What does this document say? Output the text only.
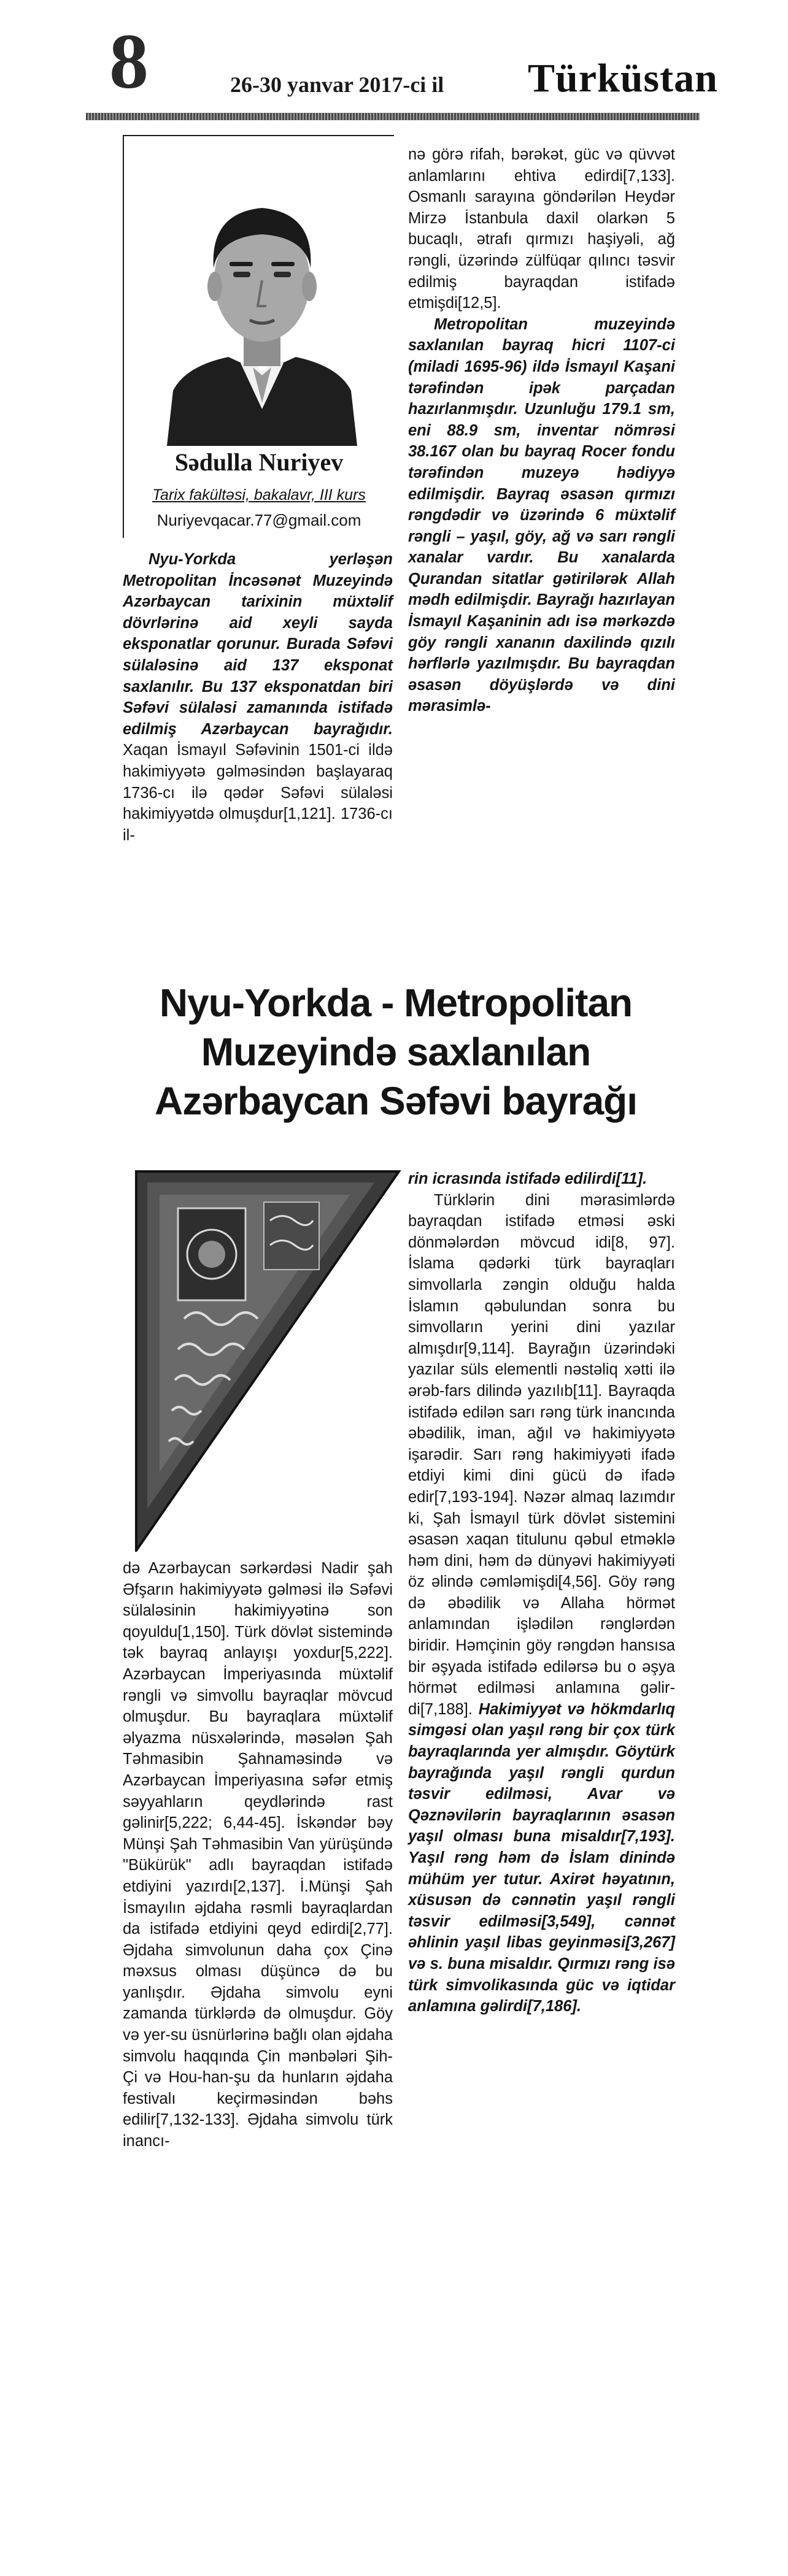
8	26-30 yanvar 2017-ci il Türküstan
Sədulla Nuriyev
Tarix fakültəsi, bakalavr, III kurs
Nuriyevqacar.77@gmail.com

Nyu-Yorkda yerləşən Metropolitan İncəsənət Muzeyində Azərbaycan tarixinin müxtəlif dövrlərinə aid xeyli sayda eksponatlar qorunur. Burada Səfəvi sülaləsinə aid 137 eksponat saxlanılır. Bu 137 eksponatdan biri Səfəvi sülaləsi zamanında istifadə edilmiş Azərbaycan bayrağıdır. Xaqan İsmayıl Səfəvinin 1501-ci ildə hakimiyyətə gəlməsindən başlayaraq 1736-cı ilə qədər Səfəvi sülaləsi hakimiyyətdə olmuşdur[1,121]. 1736-cı il-

nə görə rifah, bərəkət, güc və qüvvət anlamlarını ehtiva edirdi[7,133]. Osmanlı sarayına göndərilən Heydər Mirzə İstanbula daxil olarkən 5 bucaqlı, ətrafı qırmızı haşiyəli, ağ rəngli, üzərində zülfüqar qılıncı təsvir edilmiş bayraqdan istifadə etmişdi[12,5].

Metropolitan muzeyində saxlanılan bayraq hicri 1107-ci (miladi 1695-96) ildə İsmayıl Kaşani tərəfindən ipək parçadan hazırlanmışdır. Uzunluğu 179.1 sm, eni 88.9 sm, inventar nömrəsi 38.167 olan bu bayraq Rocer fondu tərəfindən muzeyə hədiyyə edilmişdir. Bayraq əsasən qırmızı rəngdədir və üzərində 6 müxtəlif rəngli – yaşıl, göy, ağ və sarı rəngli xanalar vardır. Bu xanalarda Qurandan sitatlar gətirilərək Allah mədh edilmişdir. Bayrağı hazırlayan İsmayıl Kaşaninin adı isə mərkəzdə göy rəngli xananın daxilində qızılı hərflərlə yazılmışdır. Bu bayraqdan əsasən döyüşlərdə və dini mərasimlə-

Nyu-Yorkda - Metropolitan
Muzeyində saxlanılan
Azərbaycan Səfəvi bayrağı

də Azərbaycan sərkərdəsi Nadir şah Əfşarın hakimiyyətə gəlməsi ilə Səfəvi sülaləsinin hakimiyyətinə son qoyuldu[1,150]. Türk dövlət sistemində tək bayraq anlayışı yoxdur[5,222]. Azərbaycan İmperiyasında müxtəlif rəngli və simvollu bayraqlar mövcud olmuşdur. Bu bayraqlara müxtəlif əlyazma nüsxələrində, məsələn Şah Təhmasibin Şahnaməsində və Azərbaycan İmperiyasına səfər etmiş səyyahların qeydlərində rast gəlinir[5,222; 6,44-45]. İskəndər bəy Münşi Şah Təhmasibin Van yürüşündə "Bükürük" adlı bayraqdan istifadə etdiyini yazırdı[2,137]. İ.Münşi Şah İsmayılın əjdaha rəsmli bayraqlardan da istifadə etdiyini qeyd edirdi[2,77]. Əjdaha simvolunun daha çox Çinə məxsus olması düşüncə də bu yanlışdır. Əjdaha simvolu eyni zamanda türklərdə də olmuşdur. Göy və yer-su üsnürlərinə bağlı olan əjdaha simvolu haqqında Çin mənbələri Şih-Çi və Hou-han-şu da hunların əjdaha festivalı keçirməsindən bəhs edilir[7,132-133]. Əjdaha simvolu türk inancı-

rin icrasında istifadə edilirdi[11].

Türklərin dini mərasimlərdə bayraqdan istifadə etməsi əski dönmələrdən mövcud idi[8, 97]. İslama qədərki türk bayraqları simvollarla zəngin olduğu halda İslamın qəbulundan sonra bu simvolların yerini dini yazılar almışdır[9,114]. Bayrağın üzərindəki yazılar süls elementli nəstəliq xətti ilə ərəb-fars dilində yazılıb[11]. Bayraqda istifadə edilən sarı rəng türk inancında əbədilik, iman, ağıl və hakimiyyətə işarədir. Sarı rəng hakimiyyəti ifadə etdiyi kimi dini gücü də ifadə edir[7,193-194]. Nəzər almaq lazımdır ki, Şah İsmayıl türk dövlət sistemini əsasən xaqan titulunu qəbul etməklə həm dini, həm də dünyəvi hakimiyyəti öz əlində cəmləmişdi[4,56]. Göy rəng də əbədilik və Allaha hörmət anlamından işlədilən rənglərdən biridir. Həmçinin göy rəngdən hansısa bir əşyada istifadə edilərsə bu o əşya hörmət edilməsi anlamına gəlir-di[7,188]. Hakimiyyət və hökmdarlıq simgəsi olan yaşıl rəng bir çox türk bayraqlarında yer almışdır. Göytürk bayrağında yaşıl rəngli qurdun təsvir edilməsi, Avar və Qəznəvilərin bayraqlarının əsasən yaşıl olması buna misaldır[7,193]. Yaşıl rəng həm də İslam dinində mühüm yer tutur. Axirət həyatının, xüsusən də cənnətin yaşıl rəngli təsvir edilməsi[3,549], cənnət əhlinin yaşıl libas geyinməsi[3,267] və s. buna misaldır. Qırmızı rəng isə türk simvolikasında güc və iqtidar anlamına gəlirdi[7,186].
